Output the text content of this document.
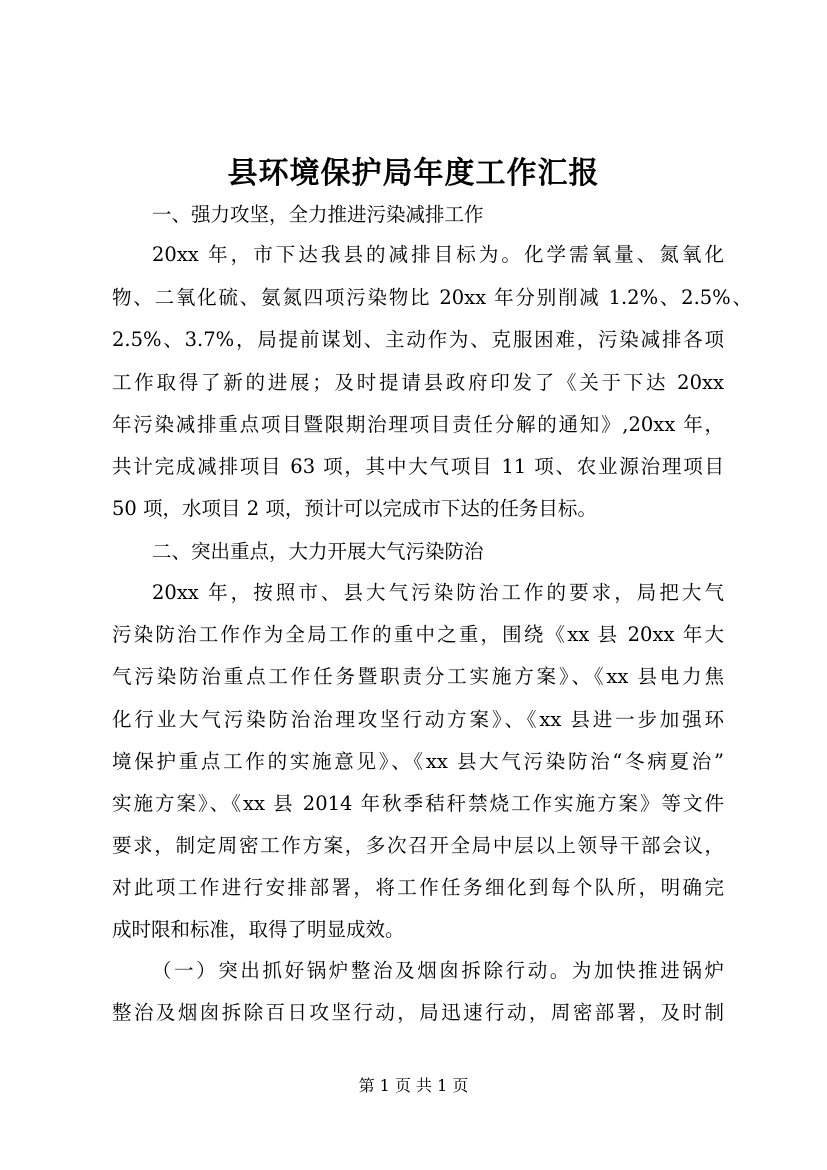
县环境保护局年度工作汇报
一、强力攻坚，全力推进污染减排工作
20xx 年，市下达我县的减排目标为。化学需氧量、氮氧化
物、二氧化硫、氨氮四项污染物比 20xx 年分别削减 1.2%、2.5%、
2.5%、3.7%，局提前谋划、主动作为、克服困难，污染减排各项
工作取得了新的进展；及时提请县政府印发了《关于下达 20xx
年污染减排重点项目暨限期治理项目责任分解的通知》,20xx 年，
共计完成减排项目 63 项，其中大气项目 11 项、农业源治理项目
50 项，水项目 2 项，预计可以完成市下达的任务目标。
二、突出重点，大力开展大气污染防治
20xx 年，按照市、县大气污染防治工作的要求，局把大气
污染防治工作作为全局工作的重中之重，围绕《xx 县 20xx 年大
气污染防治重点工作任务暨职责分工实施方案》、《xx 县电力焦
化行业大气污染防治治理攻坚行动方案》、《xx 县进一步加强环
境保护重点工作的实施意见》、《xx 县大气污染防治“冬病夏治”
实施方案》、《xx 县 2014 年秋季秸秆禁烧工作实施方案》等文件
要求，制定周密工作方案，多次召开全局中层以上领导干部会议，
对此项工作进行安排部署，将工作任务细化到每个队所，明确完
成时限和标准，取得了明显成效。
（一）突出抓好锅炉整治及烟囱拆除行动。为加快推进锅炉
整治及烟囱拆除百日攻坚行动，局迅速行动，周密部署，及时制
第 1 页 共 1 页
